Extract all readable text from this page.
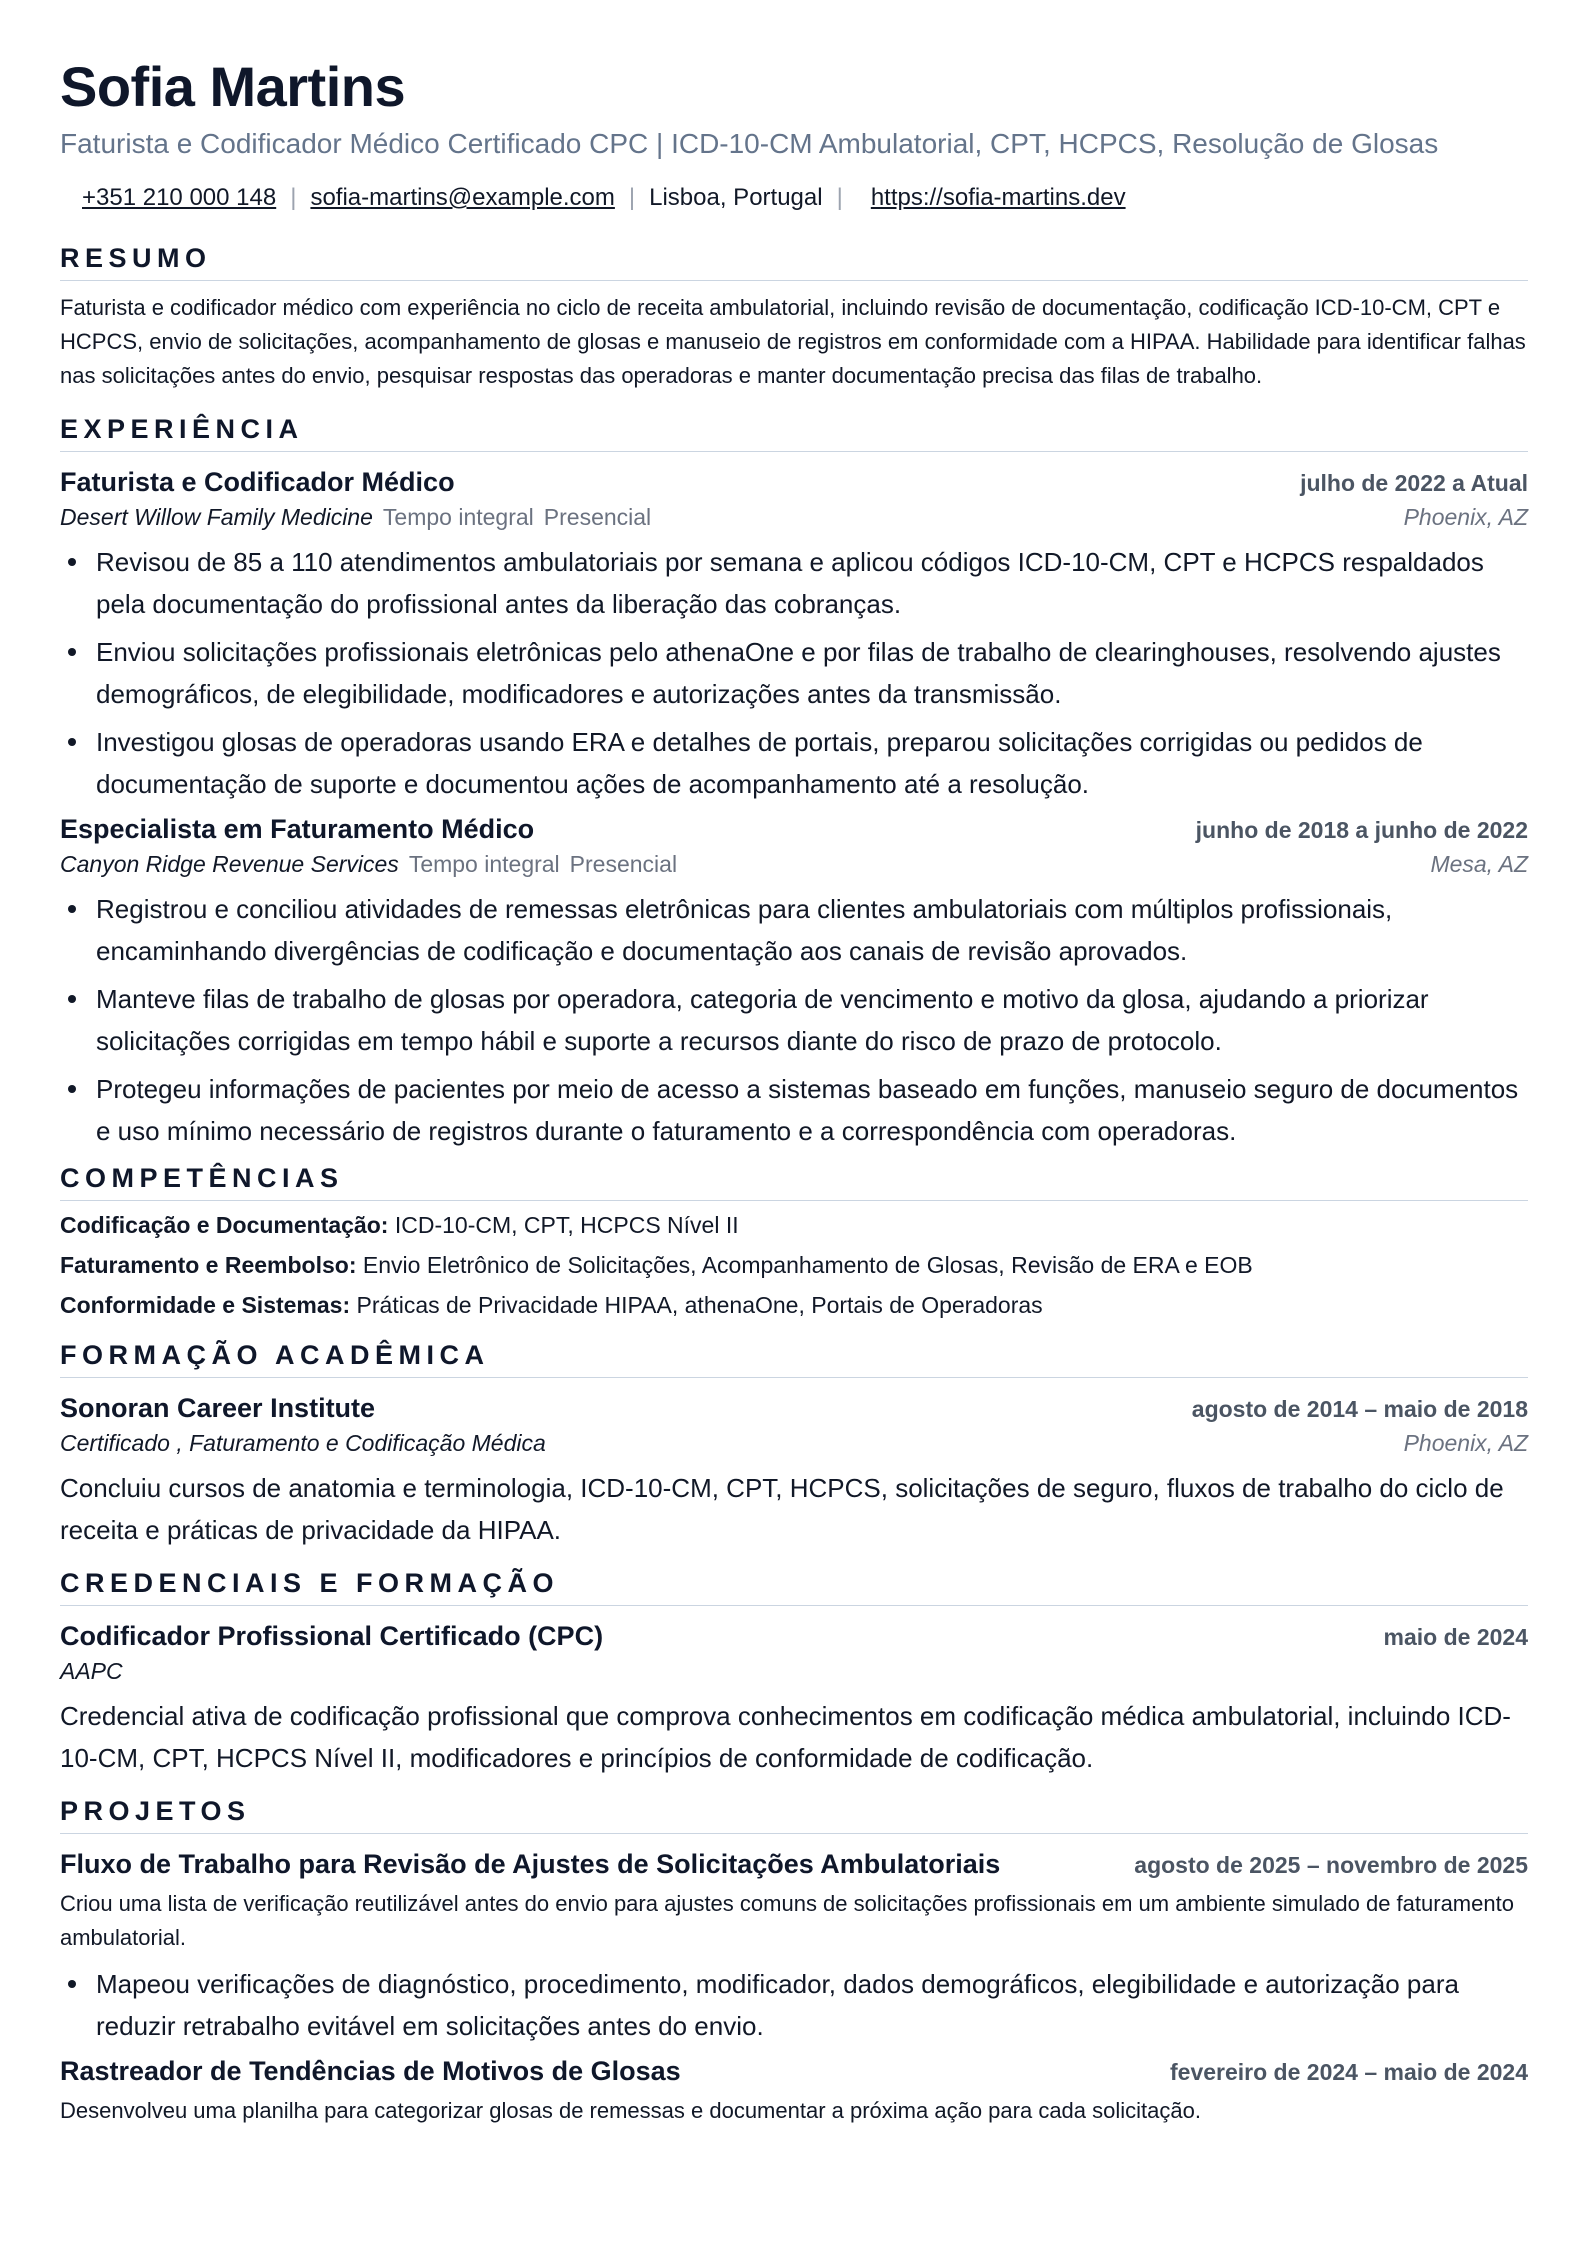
Sofia Martins
Faturista e Codificador Médico Certificado CPC | ICD-10-CM Ambulatorial, CPT, HCPCS, Resolução de Glosas
+351 210 000 148 | sofia-martins@example.com | Lisboa, Portugal | https://sofia-martins.dev
RESUMO
Faturista e codificador médico com experiência no ciclo de receita ambulatorial, incluindo revisão de documentação, codificação ICD-10-CM, CPT e HCPCS, envio de solicitações, acompanhamento de glosas e manuseio de registros em conformidade com a HIPAA. Habilidade para identificar falhas nas solicitações antes do envio, pesquisar respostas das operadoras e manter documentação precisa das filas de trabalho.
EXPERIÊNCIA
Faturista e Codificador Médico	julho de 2022 a Atual
Desert Willow Family Medicine Tempo integral Presencial	Phoenix, AZ
Revisou de 85 a 110 atendimentos ambulatoriais por semana e aplicou códigos ICD-10-CM, CPT e HCPCS respaldados pela documentação do profissional antes da liberação das cobranças.
Enviou solicitações profissionais eletrônicas pelo athenaOne e por filas de trabalho de clearinghouses, resolvendo ajustes demográficos, de elegibilidade, modificadores e autorizações antes da transmissão.
Investigou glosas de operadoras usando ERA e detalhes de portais, preparou solicitações corrigidas ou pedidos de documentação de suporte e documentou ações de acompanhamento até a resolução.
Especialista em Faturamento Médico	junho de 2018 a junho de 2022
Canyon Ridge Revenue Services Tempo integral Presencial	Mesa, AZ
Registrou e conciliou atividades de remessas eletrônicas para clientes ambulatoriais com múltiplos profissionais, encaminhando divergências de codificação e documentação aos canais de revisão aprovados.
Manteve filas de trabalho de glosas por operadora, categoria de vencimento e motivo da glosa, ajudando a priorizar solicitações corrigidas em tempo hábil e suporte a recursos diante do risco de prazo de protocolo.
Protegeu informações de pacientes por meio de acesso a sistemas baseado em funções, manuseio seguro de documentos e uso mínimo necessário de registros durante o faturamento e a correspondência com operadoras.
COMPETÊNCIAS
Codificação e Documentação: ICD-10-CM, CPT, HCPCS Nível II
Faturamento e Reembolso: Envio Eletrônico de Solicitações, Acompanhamento de Glosas, Revisão de ERA e EOB
Conformidade e Sistemas: Práticas de Privacidade HIPAA, athenaOne, Portais de Operadoras
FORMAÇÃO ACADÊMICA
Sonoran Career Institute	agosto de 2014 – maio de 2018
Certificado , Faturamento e Codificação Médica	Phoenix, AZ
Concluiu cursos de anatomia e terminologia, ICD-10-CM, CPT, HCPCS, solicitações de seguro, fluxos de trabalho do ciclo de receita e práticas de privacidade da HIPAA.
CREDENCIAIS E FORMAÇÃO
Codificador Profissional Certificado (CPC)	maio de 2024
AAPC
Credencial ativa de codificação profissional que comprova conhecimentos em codificação médica ambulatorial, incluindo ICD-10-CM, CPT, HCPCS Nível II, modificadores e princípios de conformidade de codificação.
PROJETOS
Fluxo de Trabalho para Revisão de Ajustes de Solicitações Ambulatoriais	agosto de 2025 – novembro de 2025
Criou uma lista de verificação reutilizável antes do envio para ajustes comuns de solicitações profissionais em um ambiente simulado de faturamento ambulatorial.
Mapeou verificações de diagnóstico, procedimento, modificador, dados demográficos, elegibilidade e autorização para reduzir retrabalho evitável em solicitações antes do envio.
Rastreador de Tendências de Motivos de Glosas	fevereiro de 2024 – maio de 2024
Desenvolveu uma planilha para categorizar glosas de remessas e documentar a próxima ação para cada solicitação.
